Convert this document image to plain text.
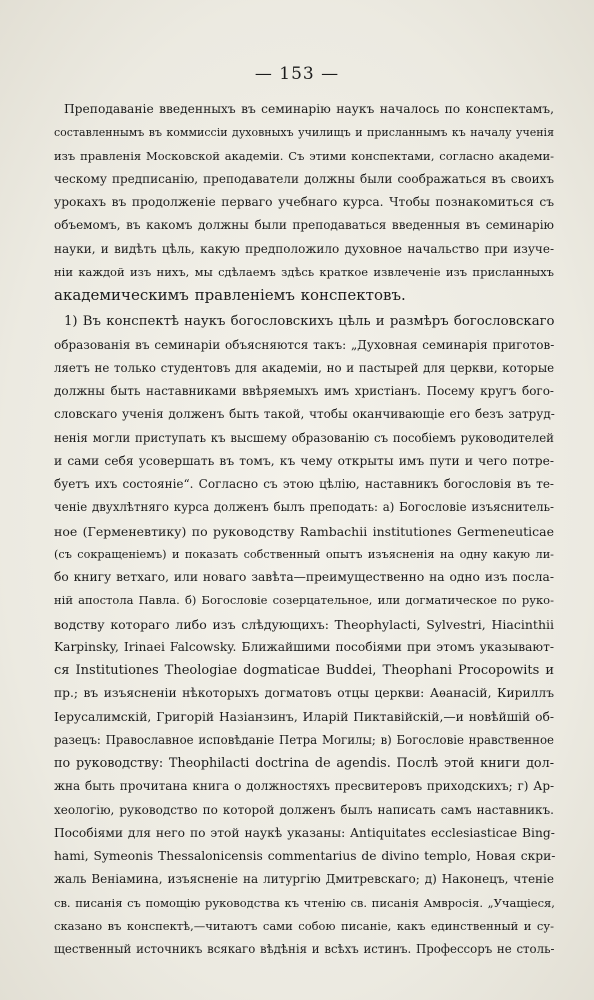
— 153 —
Преподаванiе введенныхъ въ семинарiю наукъ началось по конспектамъ,
составленнымъ въ коммиссiи духовныхъ училищъ и присланнымъ къ началу ученiя
изъ правленiя Московской академiи. Съ этими конспектами, согласно академи-
ческому предписанiю, преподаватели должны были соображаться въ своихъ
урокахъ въ продолженiе перваго учебнаго курса. Чтобы познакомиться съ
объемомъ, въ какомъ должны были преподаваться введенныя въ семинарiю
науки, и видѣть цѣль, какую предположило духовное начальство при изуче-
нiи каждой изъ нихъ, мы сдѣлаемъ здѣсь краткое извлеченiе изъ присланныхъ
академическимъ правленiемъ конспектовъ.
1) Въ конспектѣ наукъ богословскихъ цѣль и размѣръ богословскаго
образованiя въ семинарiи объясняются такъ: „Духовная семинарiя приготов-
ляетъ не только студентовъ для академiи, но и пастырей для церкви, которые
должны быть наставниками ввѣряемыхъ имъ христiанъ. Посему кругъ бого-
словскаго ученiя долженъ быть такой, чтобы оканчивающiе его безъ затруд-
ненiя могли приступать къ высшему образованiю съ пособiемъ руководителей
и сами себя усовершать въ томъ, къ чему открыты имъ пути и чего потре-
буетъ ихъ состоянiе“. Согласно съ этою цѣлiю, наставникъ богословiя въ те-
ченiе двухлѣтняго курса долженъ былъ преподать: а) Богословiе изъяснитель-
ное (Герменевтику) по руководству Rambachii institutiones Germeneuticae
(съ сокращенiемъ) и показать собственный опытъ изъясненiя на одну какую ли-
бо книгу ветхаго, или новаго завѣта—преимущественно на одно изъ посла-
нiй апостола Павла. б) Богословiе созерцательное, или догматическое по руко-
водству котораго либо изъ слѣдующихъ: Theophylacti, Sylvestri, Hiacinthii
Karpinsky, Irinaei Falcowsky. Ближайшими пособiями при этомъ указывают-
ся Institutiones Theologiae dogmaticae Buddei, Theophani Procopowits и
пр.; въ изъясненiи нѣкоторыхъ догматовъ отцы церкви: Аѳанасiй, Кириллъ
Iерусалимскiй, Григорiй Назiанзинъ, Иларiй Пиктавiйскiй,—и новѣйшiй об-
разецъ: Православное исповѣданiе Петра Могилы; в) Богословiе нравственное
по руководству: Theophilacti doctrina de agendis. Послѣ этой книги дол-
жна быть прочитана книга о должностяхъ пресвитеровъ приходскихъ; г) Ар-
хеологiю, руководство по которой долженъ былъ написать самъ наставникъ.
Пособiями для него по этой наукѣ указаны: Antiquitates ecclesiasticae Bing-
hami, Symeonis Thessalonicensis commentarius de divino templo, Новая скри-
жаль Венiамина, изъясненiе на литургiю Дмитревскаго; д) Наконецъ, чтенiе
св. писанiя съ помощiю руководства къ чтенiю св. писанiя Амвросiя. „Учащiеся,
сказано въ конспектѣ,—читаютъ сами собою писанiе, какъ единственный и су-
щественный источникъ всякаго вѣдѣнiя и всѣхъ истинъ. Профессоръ не столь-
